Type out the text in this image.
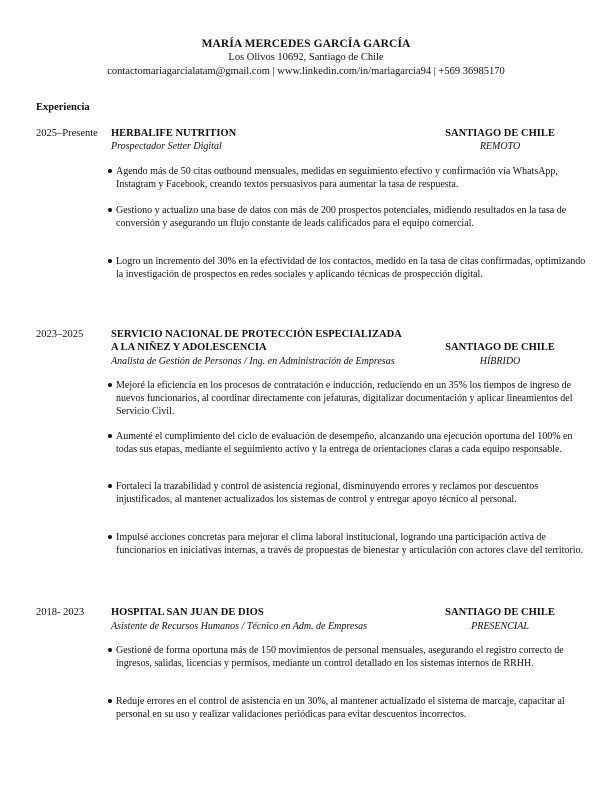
MARÍA MERCEDES GARCÍA GARCÍA
Los Olivos 10692, Santiago de Chile
contactomariagarcialatam@gmail.com | www.linkedin.com/in/mariagarcia94 | +569 36985170
Experiencia
2025–Presente HERBALIFE NUTRITION
Prospectador Setter Digital
SANTIAGO DE CHILE
REMOTO
Agendo más de 50 citas outbound mensuales, medidas en seguimiento efectivo y confirmación vía WhatsApp, Instagram y Facebook, creando textos persuasivos para aumentar la tasa de respuesta.
Gestiono y actualizo una base de datos con más de 200 prospectos potenciales, midiendo resultados en la tasa de conversión y asegurando un flujo constante de leads calificados para el equipo comercial.
Logro un incremento del 30% en la efectividad de los contactos, medido en la tasa de citas confirmadas, optimizando la investigación de prospectos en redes sociales y aplicando técnicas de prospección digital.
2023–2025	SERVICIO NACIONAL DE PROTECCIÓN ESPECIALIZADA
A LA NIÑEZ Y ADOLESCENCIA
Analista de Gestión de Personas / Ing. en Administración de Empresas
SANTIAGO DE CHILE
HÍBRIDO
Mejoré la eficiencia en los procesos de contratación e inducción, reduciendo en un 35% los tiempos de ingreso de nuevos funcionarios, al coordinar directamente con jefaturas, digitalizar documentación y aplicar lineamientos del Servicio Civil.
Aumenté el cumplimiento del ciclo de evaluación de desempeño, alcanzando una ejecución oportuna del 100% en todas sus etapas, mediante el seguimiento activo y la entrega de orientaciones claras a cada equipo responsable.
Fortalecí la trazabilidad y control de asistencia regional, disminuyendo errores y reclamos por descuentos injustificados, al mantener actualizados los sistemas de control y entregar apoyo técnico al personal.
Impulsé acciones concretas para mejorar el clima laboral institucional, logrando una participación activa de funcionarios en iniciativas internas, a través de propuestas de bienestar y articulación con actores clave del territorio.
2018- 2023	HOSPITAL SAN JUAN DE DIOS
Asistente de Recursos Humanos / Técnico en Adm. de Empresas
SANTIAGO DE CHILE
PRESENCIAL
Gestioné de forma oportuna más de 150 movimientos de personal mensuales, asegurando el registro correcto de ingresos, salidas, licencias y permisos, mediante un control detallado en los sistemas internos de RRHH.
Reduje errores en el control de asistencia en un 30%, al mantener actualizado el sistema de marcaje, capacitar al personal en su uso y realizar validaciones periódicas para evitar descuentos incorrectos.
